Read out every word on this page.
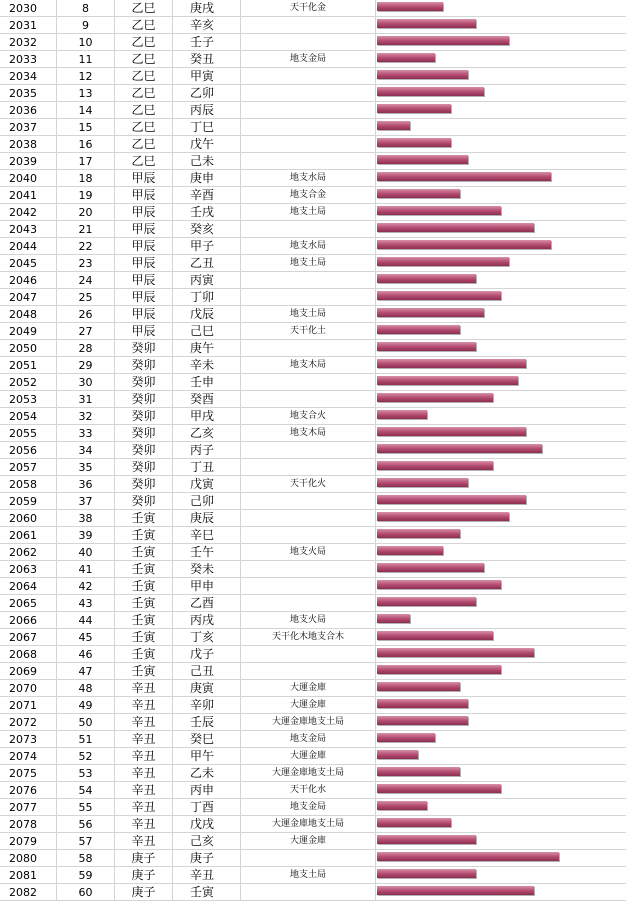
2030	8	乙巳	庚戌	天干化金
2031	9	乙巳	辛亥
2032	10	乙巳	壬子
2033	11	乙巳	癸丑	地支金局
2034	12	乙巳	甲寅
2035	13	乙巳	乙卯
2036	14	乙巳	丙辰
2037	15	乙巳	丁巳
2038	16	乙巳	戊午
2039	17	乙巳	己未
2040	18	甲辰	庚申	地支水局
2041	19	甲辰	辛酉	地支合金
2042	20	甲辰	壬戌	地支土局
2043	21	甲辰	癸亥
2044	22	甲辰	甲子	地支水局
2045	23	甲辰	乙丑	地支土局
2046	24	甲辰	丙寅
2047	25	甲辰	丁卯
2048	26	甲辰	戊辰	地支土局
2049	27	甲辰	己巳	天干化土
2050	28	癸卯	庚午
2051	29	癸卯	辛未	地支木局
2052	30	癸卯	壬申
2053	31	癸卯	癸酉
2054	32	癸卯	甲戌	地支合火
2055	33	癸卯	乙亥	地支木局
2056	34	癸卯	丙子
2057	35	癸卯	丁丑
2058	36	癸卯	戊寅	天干化火
2059	37	癸卯	己卯
2060	38	壬寅	庚辰
2061	39	壬寅	辛巳
2062	40	壬寅	壬午	地支火局
2063	41	壬寅	癸未
2064	42	壬寅	甲申
2065	43	壬寅	乙酉
2066	44	壬寅	丙戌	地支火局
2067	45	壬寅	丁亥	天干化木地支合木
2068	46	壬寅	戊子
2069	47	壬寅	己丑
2070	48	辛丑	庚寅	大運金庫
2071	49	辛丑	辛卯	大運金庫
2072	50	辛丑	壬辰	大運金庫地支土局
2073	51	辛丑	癸巳	地支金局
2074	52	辛丑	甲午	大運金庫
2075	53	辛丑	乙未	大運金庫地支土局
2076	54	辛丑	丙申	天干化水
2077	55	辛丑	丁酉	地支金局
2078	56	辛丑	戊戌	大運金庫地支土局
2079	57	辛丑	己亥	大運金庫
2080	58	庚子	庚子
2081	59	庚子	辛丑	地支土局
2082	60	庚子	壬寅
